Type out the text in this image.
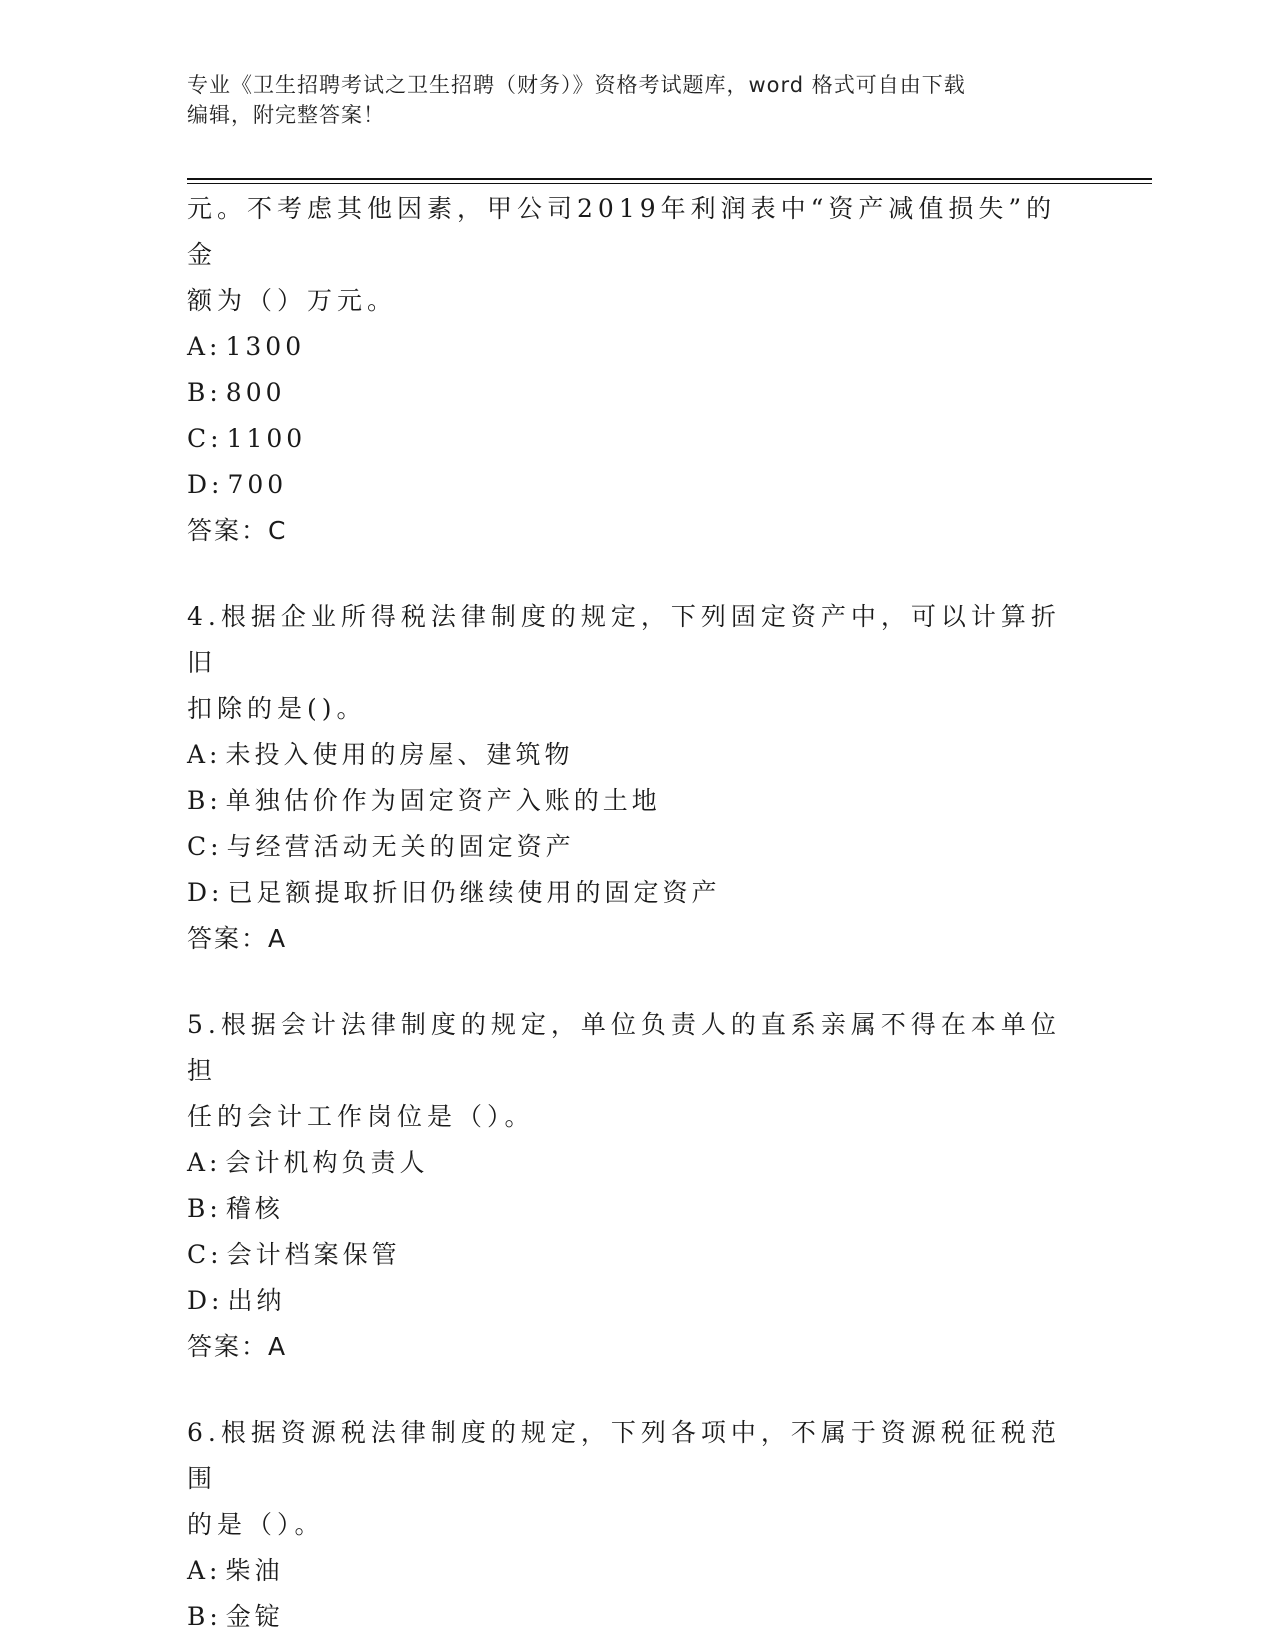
专业《卫生招聘考试之卫生招聘（财务）》资格考试题库，word 格式可自由下载
编辑，附完整答案！

元。不考虑其他因素，甲公司2019年利润表中“资产减值损失”的金

额为（）万元。

A: 1300

B: 800

C: 1100

D: 700

答案：C

4.根据企业所得税法律制度的规定，下列固定资产中，可以计算折旧

扣除的是()。

A: 未投入使用的房屋、建筑物

B: 单独估价作为固定资产入账的土地

C: 与经营活动无关的固定资产

D: 已足额提取折旧仍继续使用的固定资产

答案：A

5.根据会计法律制度的规定，单位负责人的直系亲属不得在本单位担

任的会计工作岗位是（）。

A: 会计机构负责人

B: 稽核

C: 会计档案保管

D: 出纳

答案：A

6.根据资源税法律制度的规定，下列各项中，不属于资源税征税范围

的是（）。

A: 柴油

B: 金锭
